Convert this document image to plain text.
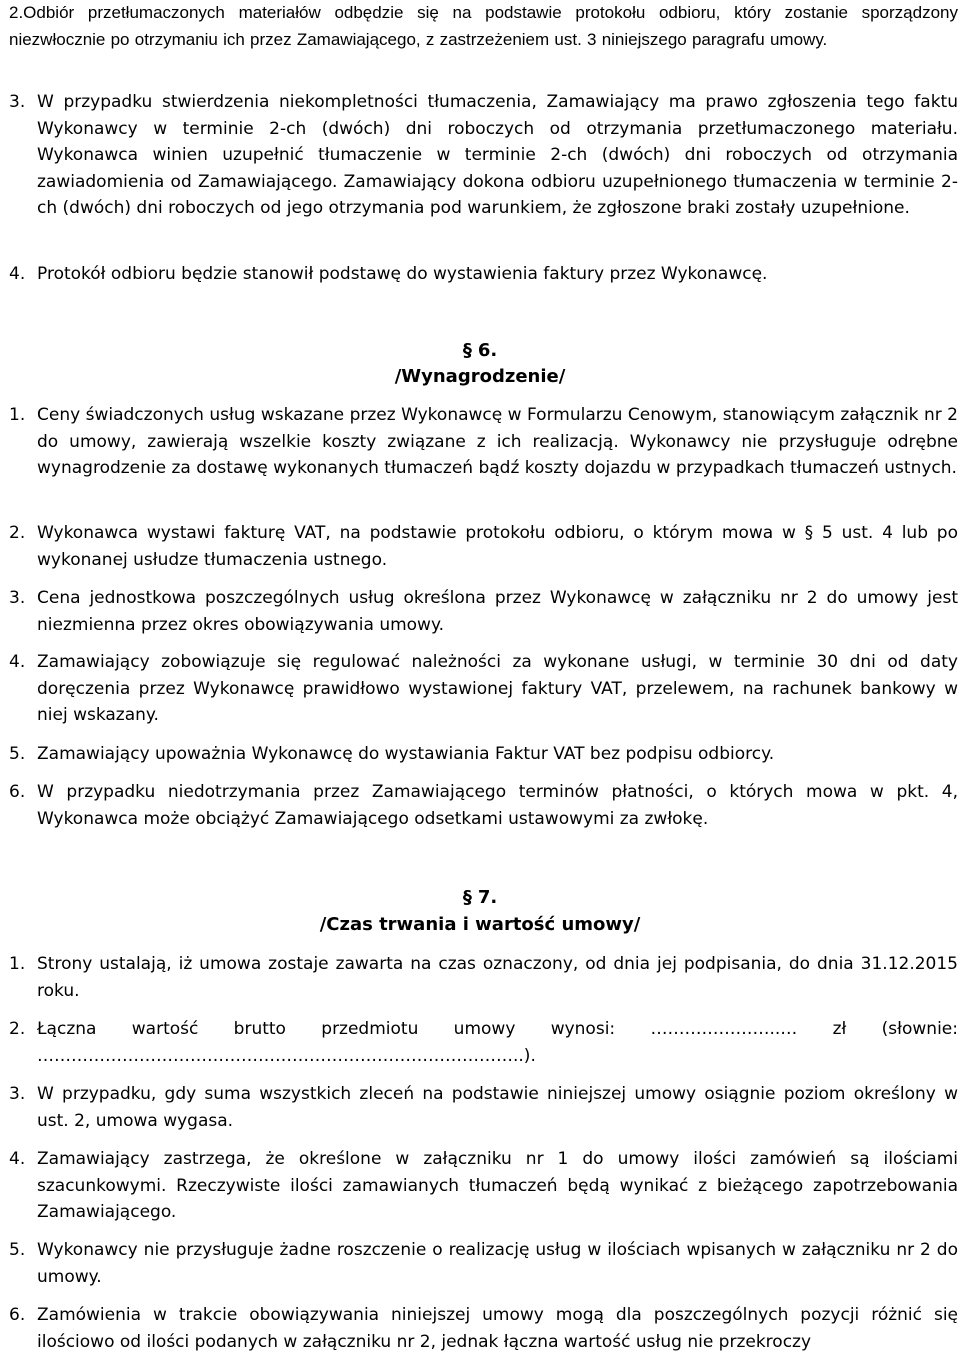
2.Odbiór przetłumaczonych materiałów odbędzie się na podstawie protokołu odbioru, który zostanie sporządzony niezwłocznie po otrzymaniu ich przez Zamawiającego, z zastrzeżeniem ust. 3 niniejszego paragrafu umowy.

3. W przypadku stwierdzenia niekompletności tłumaczenia, Zamawiający ma prawo zgłoszenia tego faktu Wykonawcy w terminie 2-ch (dwóch) dni roboczych od otrzymania przetłumaczonego materiału. Wykonawca winien uzupełnić tłumaczenie w terminie 2-ch (dwóch) dni roboczych od otrzymania zawiadomienia od Zamawiającego. Zamawiający dokona odbioru uzupełnionego tłumaczenia w terminie 2-ch (dwóch) dni roboczych od jego otrzymania pod warunkiem, że zgłoszone braki zostały uzupełnione.
4. Protokół odbioru będzie stanowił podstawę do wystawienia faktury przez Wykonawcę.

§ 6.

/Wynagrodzenie/

1. Ceny świadczonych usług wskazane przez Wykonawcę w Formularzu Cenowym, stanowiącym załącznik nr 2 do umowy, zawierają wszelkie koszty związane z ich realizacją. Wykonawcy nie przysługuje odrębne wynagrodzenie za dostawę wykonanych tłumaczeń bądź koszty dojazdu w przypadkach tłumaczeń ustnych.
2. Wykonawca wystawi fakturę VAT, na podstawie protokołu odbioru, o którym mowa w § 5 ust. 4 lub po wykonanej usłudze tłumaczenia ustnego.
3. Cena jednostkowa poszczególnych usług określona przez Wykonawcę w załączniku nr 2 do umowy jest niezmienna przez okres obowiązywania umowy.
4. Zamawiający zobowiązuje się regulować należności za wykonane usługi, w terminie 30 dni od daty doręczenia przez Wykonawcę prawidłowo wystawionej faktury VAT, przelewem, na rachunek bankowy w niej wskazany.
5. Zamawiający upoważnia Wykonawcę do wystawiania Faktur VAT bez podpisu odbiorcy.
6. W przypadku niedotrzymania przez Zamawiającego terminów płatności, o których mowa w pkt. 4, Wykonawca może obciążyć Zamawiającego odsetkami ustawowymi za zwłokę.

§ 7.

/Czas trwania i wartość umowy/

1. Strony ustalają, iż umowa zostaje zawarta na czas oznaczony, od dnia jej podpisania, do dnia 31.12.2015 roku.
2. Łączna wartość brutto przedmiotu umowy wynosi: …………………..… zł (słownie: …………………………………………………………………………..).
3. W przypadku, gdy suma wszystkich zleceń na podstawie niniejszej umowy osiągnie poziom określony w ust. 2, umowa wygasa.
4. Zamawiający zastrzega, że określone w załączniku nr 1 do umowy ilości zamówień są ilościami szacunkowymi. Rzeczywiste ilości zamawianych tłumaczeń będą wynikać z bieżącego zapotrzebowania Zamawiającego.
5. Wykonawcy nie przysługuje żadne roszczenie o realizację usług w ilościach wpisanych w załączniku nr 2 do umowy.
6. Zamówienia w trakcie obowiązywania niniejszej umowy mogą dla poszczególnych pozycji różnić się ilościowo od ilości podanych w załączniku nr 2, jednak łączna wartość usług nie przekroczy
